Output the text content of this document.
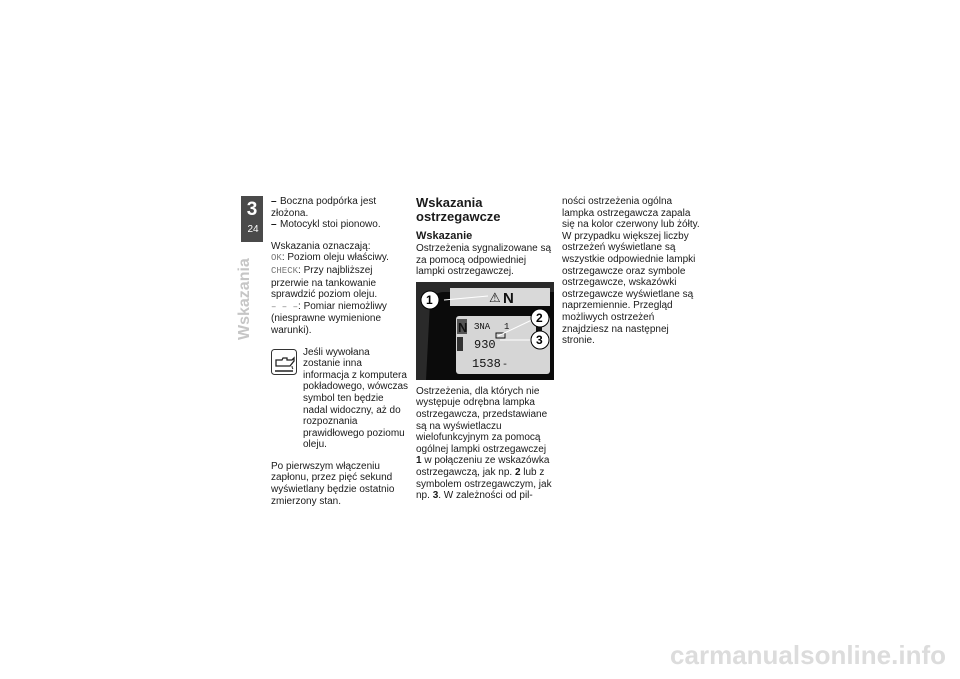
3
24
Wskazania

– Boczna podpórka jest złożona.

– Motocykl stoi pionowo.

Wskazania oznaczają:

OK: Poziom oleju właściwy.

CHECK: Przy najbliższej przerwie na tankowanie sprawdzić poziom oleju.

– – –: Pomiar niemożliwy (niesprawne wymienione warunki).

Jeśli wywołana zostanie inna informacja z komputera pokładowego, wówczas symbol ten będzie nadal widoczny, aż do rozpoznania prawidłowego poziomu oleju.

Po pierwszym włączeniu zapłonu, przez pięć sekund wyświetlany będzie ostatnio zmierzony stan.

Wskazania ostrzegawcze
Wskazanie

Ostrzeżenia sygnalizowane są za pomocą odpowiedniej lampki ostrzegawczej.

⚠ N
N ЗNA 1
930
1538 -
1
2
3

Ostrzeżenia, dla których nie występuje odrębna lampka ostrzegawcza, przedstawiane są na wyświetlaczu wielofunkcyjnym za pomocą ogólnej lampki ostrzegawczej 1 w połączeniu ze wskazówka ostrzegawczą, jak np. 2 lub z symbolem ostrzegawczym, jak np. 3. W zależności od pil-

ności ostrzeżenia ogólna lampka ostrzegawcza zapala się na kolor czerwony lub żółty.

W przypadku większej liczby ostrzeżeń wyświetlane są wszystkie odpowiednie lampki ostrzegawcze oraz symbole ostrzegawcze, wskazówki ostrzegawcze wyświetlane są naprzemiennie. Przegląd możliwych ostrzeżeń znajdziesz na następnej stronie.

carmanualsonline.info
